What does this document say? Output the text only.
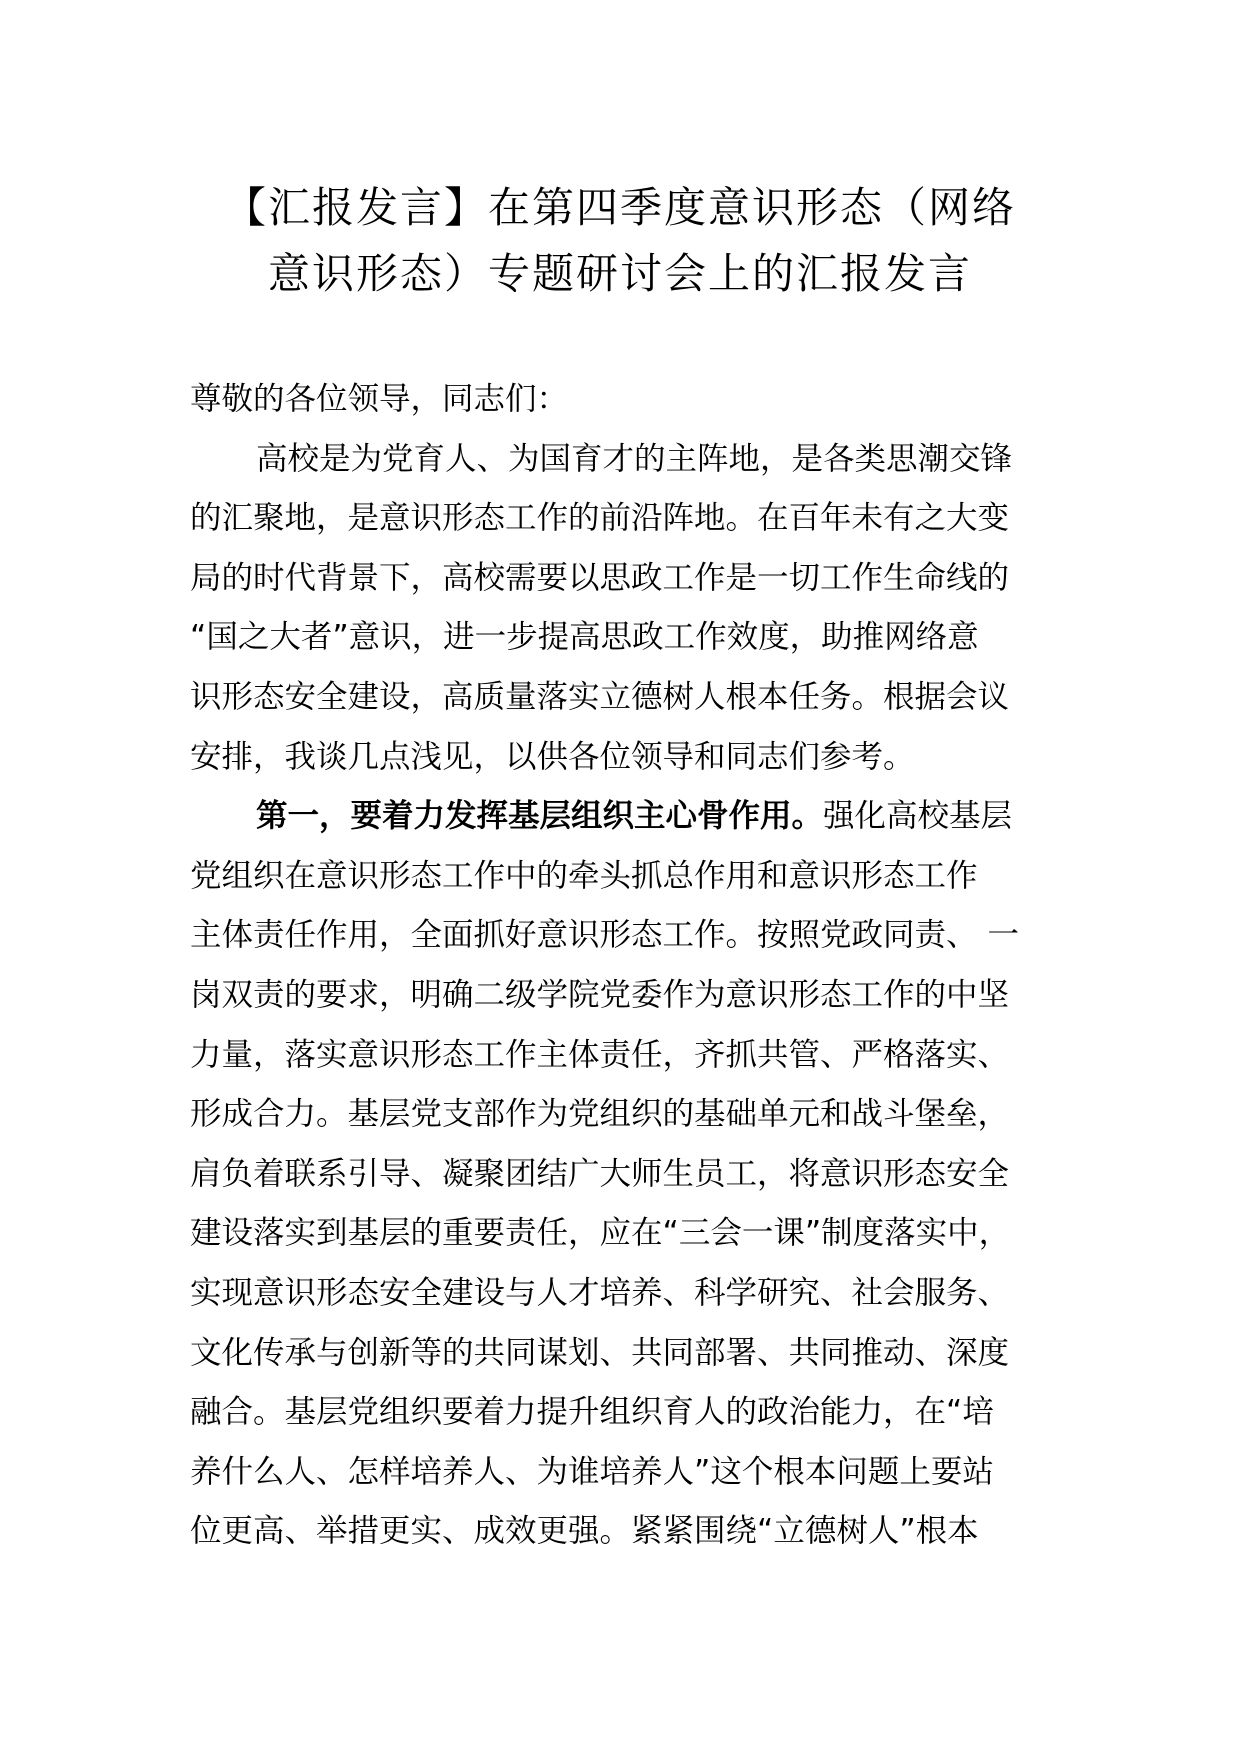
【汇报发言】在第四季度意识形态（网络
意识形态）专题研讨会上的汇报发言
尊敬的各位领导，同志们：
高校是为党育人、为国育才的主阵地，是各类思潮交锋
的汇聚地，是意识形态工作的前沿阵地。在百年未有之大变
局的时代背景下，高校需要以思政工作是一切工作生命线的
“国之大者”意识，进一步提高思政工作效度，助推网络意
识形态安全建设，高质量落实立德树人根本任务。根据会议
安排，我谈几点浅见，以供各位领导和同志们参考。
第一，要着力发挥基层组织主心骨作用。强化高校基层
党组织在意识形态工作中的牵头抓总作用和意识形态工作
主体责任作用，全面抓好意识形态工作。按照党政同责、 一
岗双责的要求，明确二级学院党委作为意识形态工作的中坚
力量，落实意识形态工作主体责任，齐抓共管、严格落实、
形成合力。基层党支部作为党组织的基础单元和战斗堡垒，
肩负着联系引导、凝聚团结广大师生员工，将意识形态安全
建设落实到基层的重要责任，应在“三会一课”制度落实中，
实现意识形态安全建设与人才培养、科学研究、社会服务、
文化传承与创新等的共同谋划、共同部署、共同推动、深度
融合。基层党组织要着力提升组织育人的政治能力，在“培
养什么人、怎样培养人、为谁培养人”这个根本问题上要站
位更高、举措更实、成效更强。紧紧围绕“立德树人”根本
